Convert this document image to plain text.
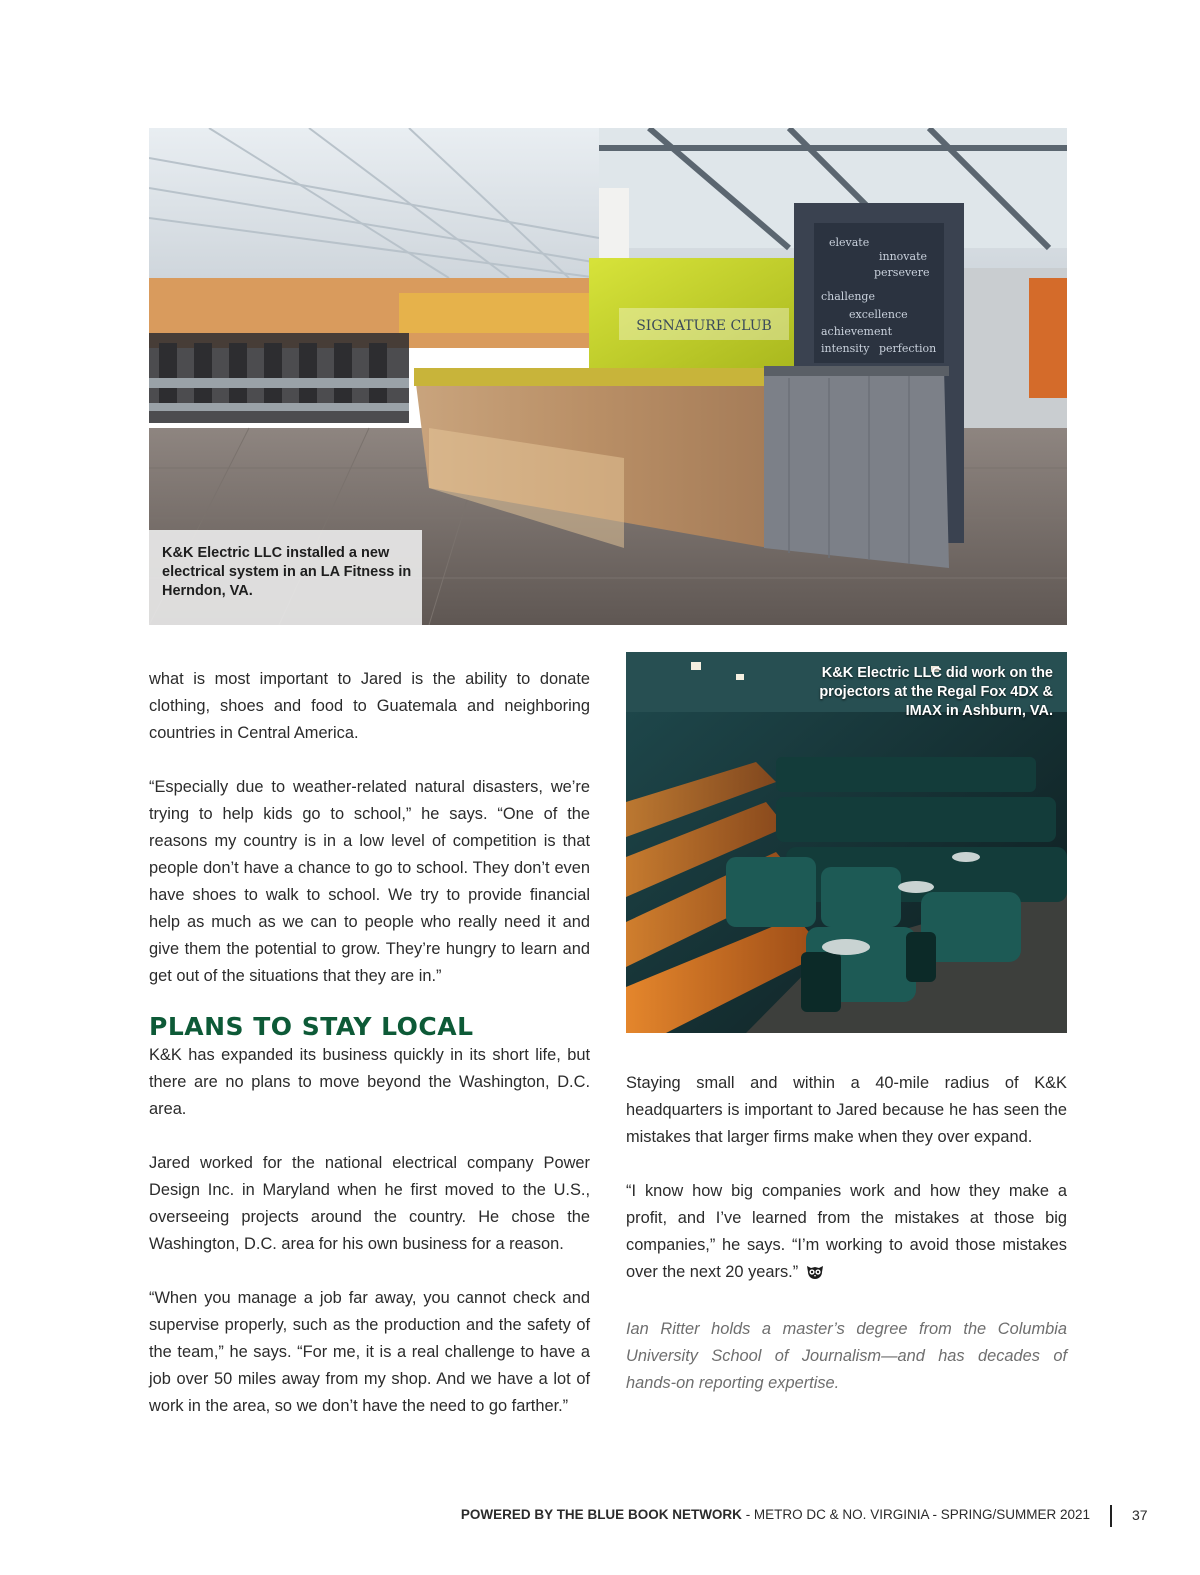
SIGNATURE CLUB
elevate
innovate
persevere
challenge
excellence
achievement
intensity perfection

K&K Electric LLC installed a new electrical system in an LA Fitness in Herndon, VA.

K&K Electric LLC did work on the projectors at the Regal Fox 4DX & IMAX in Ashburn, VA.

what is most important to Jared is the ability to donate clothing, shoes and food to Guatemala and neighboring countries in Central America.

“Especially due to weather-related natural disasters, we’re trying to help kids go to school,” he says. “One of the reasons my country is in a low level of competition is that people don’t have a chance to go to school. They don’t even have shoes to walk to school. We try to provide financial help as much as we can to people who really need it and give them the potential to grow. They’re hungry to learn and get out of the situations that they are in.”

PLANS TO STAY LOCAL

K&K has expanded its business quickly in its short life, but there are no plans to move beyond the Washington, D.C. area.

Jared worked for the national electrical company Power Design Inc. in Maryland when he first moved to the U.S., overseeing projects around the country. He chose the Washington, D.C. area for his own business for a reason.

“When you manage a job far away, you cannot check and supervise properly, such as the production and the safety of the team,” he says. “For me, it is a real challenge to have a job over 50 miles away from my shop. And we have a lot of work in the area, so we don’t have the need to go farther.”

Staying small and within a 40-mile radius of K&K headquarters is important to Jared because he has seen the mistakes that larger firms make when they over expand.

“I know how big companies work and how they make a profit, and I’ve learned from the mistakes at those big companies,” he says. “I’m working to avoid those mistakes over the next 20 years.”

Ian Ritter holds a master’s degree from the Columbia University School of Journalism—and has decades of hands-on reporting expertise.

POWERED BY THE BLUE BOOK NETWORK - METRO DC & NO. VIRGINIA - SPRING/SUMMER 2021	37
